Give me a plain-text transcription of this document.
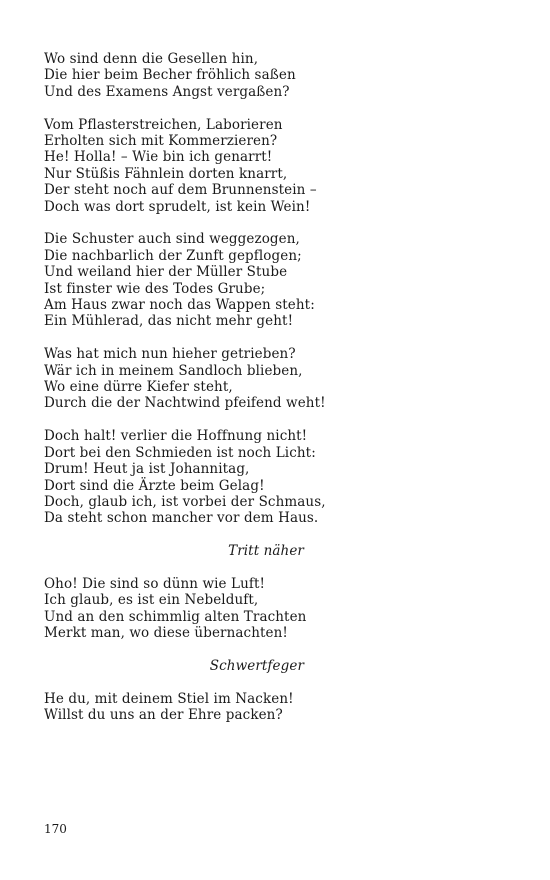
Wo sind denn die Gesellen hin,
Die hier beim Becher fröhlich saßen
Und des Examens Angst vergaßen?
Vom Pflasterstreichen, Laborieren
Erholten sich mit Kommerzieren?
He! Holla! – Wie bin ich genarrt!
Nur Stüßis Fähnlein dorten knarrt,
Der steht noch auf dem Brunnenstein –
Doch was dort sprudelt, ist kein Wein!
Die Schuster auch sind weggezogen,
Die nachbarlich der Zunft gepflogen;
Und weiland hier der Müller Stube
Ist finster wie des Todes Grube;
Am Haus zwar noch das Wappen steht:
Ein Mühlerad, das nicht mehr geht!
Was hat mich nun hieher getrieben?
Wär ich in meinem Sandloch blieben,
Wo eine dürre Kiefer steht,
Durch die der Nachtwind pfeifend weht!
Doch halt! verlier die Hoffnung nicht!
Dort bei den Schmieden ist noch Licht:
Drum! Heut ja ist Johannitag,
Dort sind die Ärzte beim Gelag!
Doch, glaub ich, ist vorbei der Schmaus,
Da steht schon mancher vor dem Haus.
Tritt näher
Oho! Die sind so dünn wie Luft!
Ich glaub, es ist ein Nebelduft,
Und an den schimmlig alten Trachten
Merkt man, wo diese übernachten!
Schwertfeger
He du, mit deinem Stiel im Nacken!
Willst du uns an der Ehre packen?
170
